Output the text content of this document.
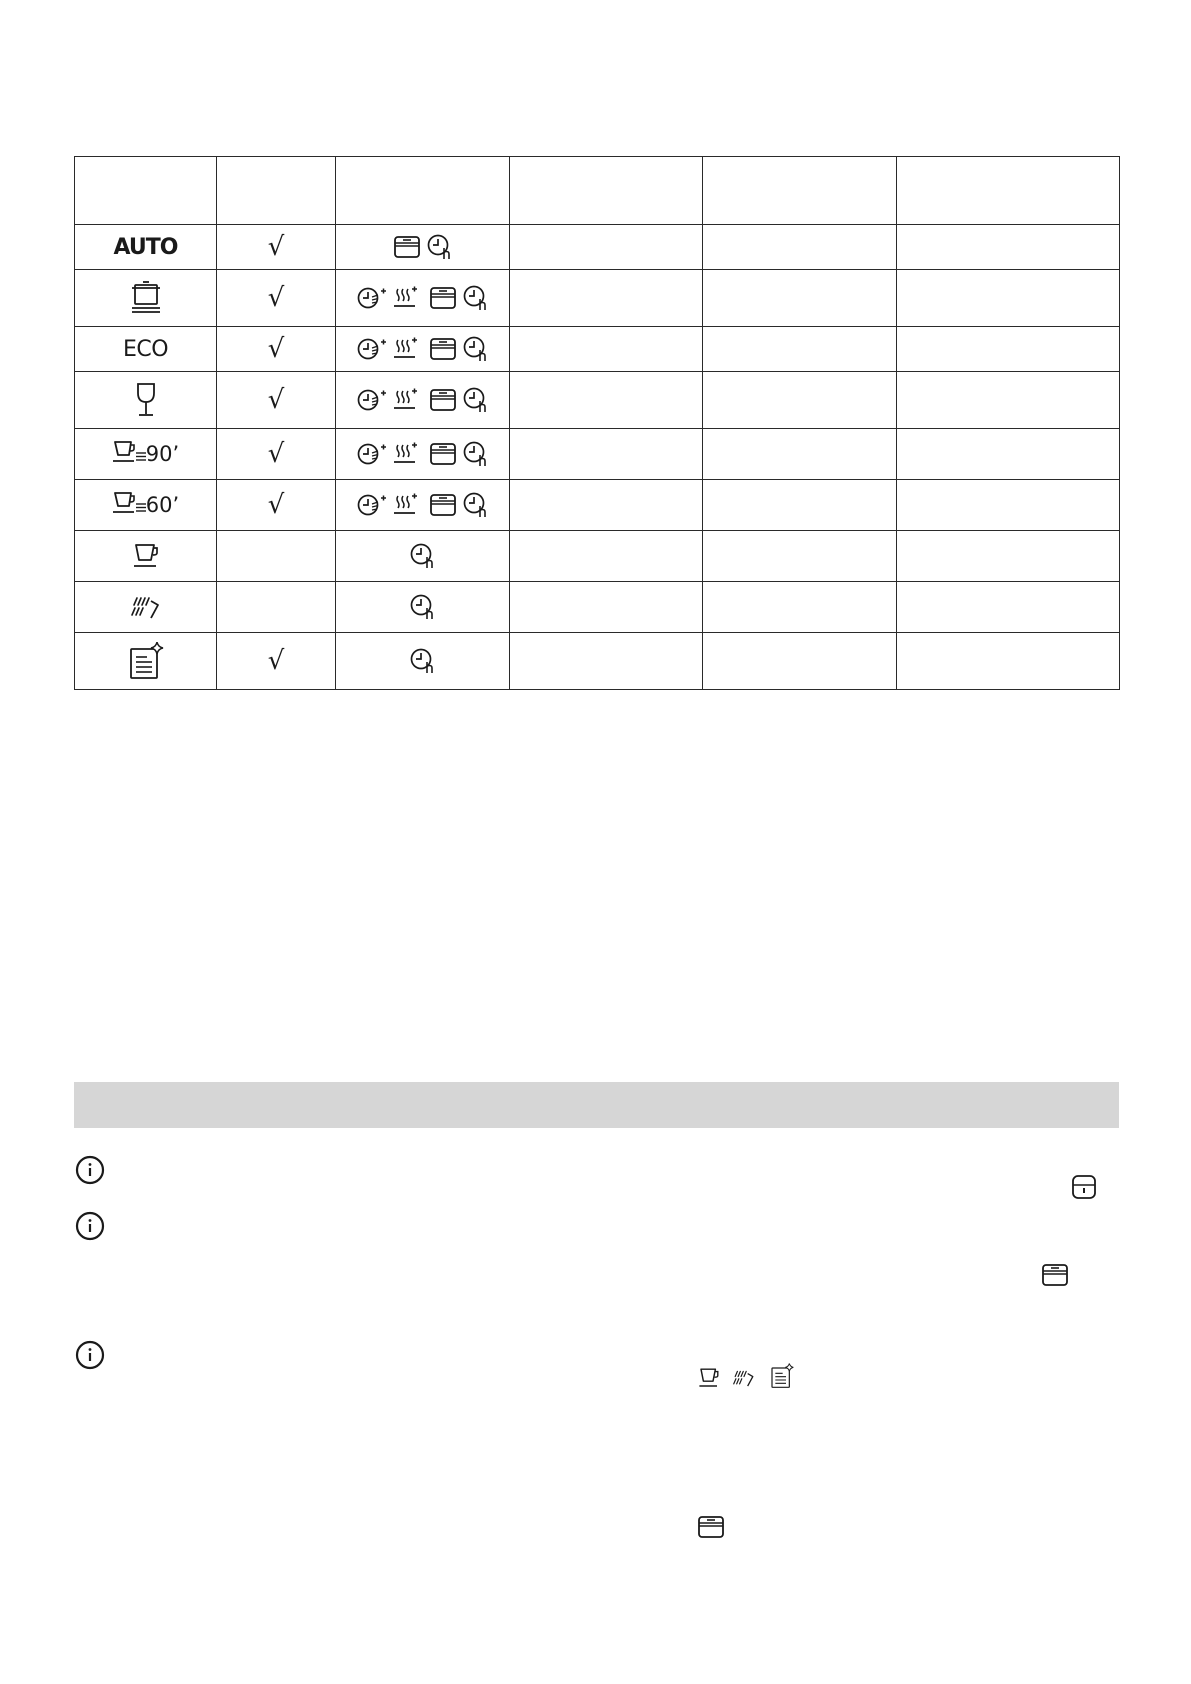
AUTO	√	

	√	

ECO	√	

	√	

90’	√	

60’	√	

	√	
